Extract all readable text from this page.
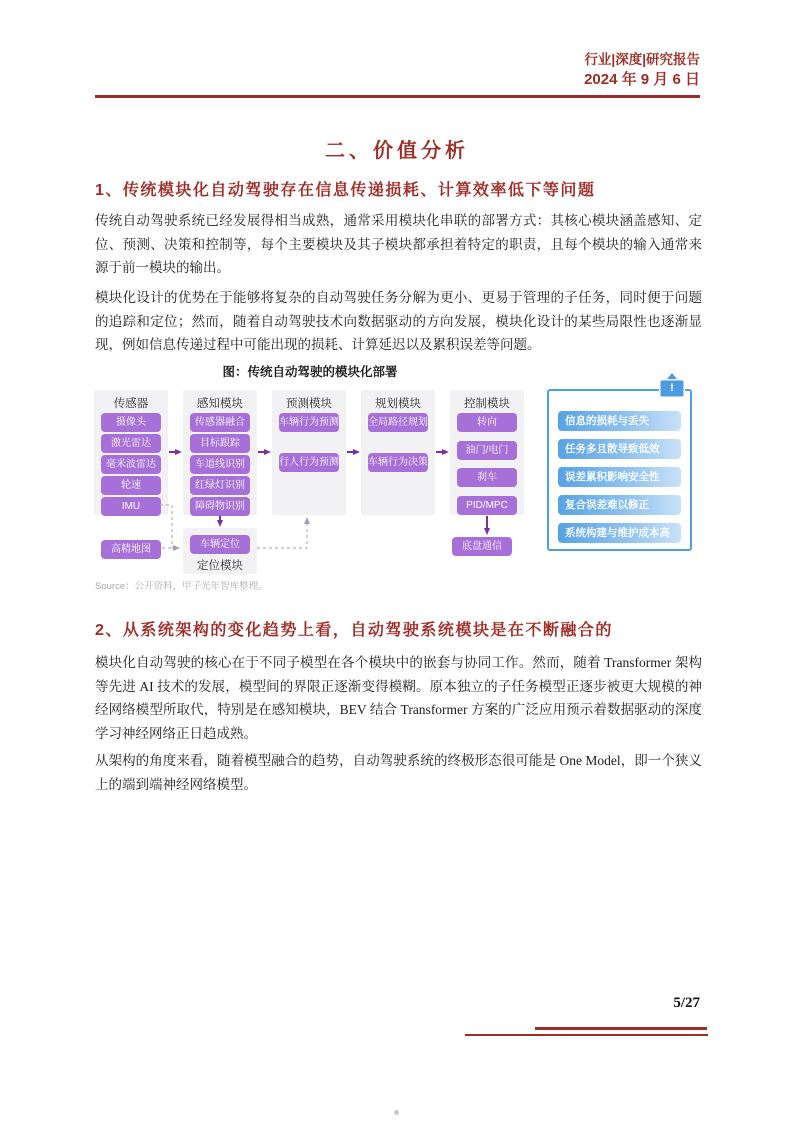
行业|深度|研究报告
2024 年 9 月 6 日
二、价值分析
1、传统模块化自动驾驶存在信息传递损耗、计算效率低下等问题
传统自动驾驶系统已经发展得相当成熟，通常采用模块化串联的部署方式：其核心模块涵盖感知、定位、预测、决策和控制等，每个主要模块及其子模块都承担着特定的职责，且每个模块的输入通常来源于前一模块的输出。
模块化设计的优势在于能够将复杂的自动驾驶任务分解为更小、更易于管理的子任务，同时便于问题的追踪和定位；然而，随着自动驾驶技术向数据驱动的方向发展，模块化设计的某些局限性也逐渐显现，例如信息传递过程中可能出现的损耗、计算延迟以及累积误差等问题。
图：传统自动驾驶的模块化部署
传感器
摄像头
激光雷达
毫米波雷达
轮速
IMU
感知模块
传感器融合
目标跟踪
车道线识别
红绿灯识别
障碍物识别
预测模块
车辆行为预测
行人行为预测
规划模块
全局路径规划
车辆行为决策
控制模块
转向
油门/电门
刹车
PID/MPC
车辆定位
定位模块
高精地图	底盘通信
信息的损耗与丢失
任务多且散导致低效
误差累积影响安全性
复合误差难以修正
系统构建与维护成本高
!
Source：公开资料，甲子光年智库整理。
2、从系统架构的变化趋势上看，自动驾驶系统模块是在不断融合的
模块化自动驾驶的核心在于不同子模型在各个模块中的嵌套与协同工作。然而，随着 Transformer 架构等先进 AI 技术的发展，模型间的界限正逐渐变得模糊。原本独立的子任务模型正逐步被更大规模的神经网络模型所取代，特别是在感知模块，BEV 结合 Transformer 方案的广泛应用预示着数据驱动的深度学习神经网络正日趋成熟。
从架构的角度来看，随着模型融合的趋势，自动驾驶系统的终极形态很可能是 One Model，即一个狭义上的端到端神经网络模型。
5/27
